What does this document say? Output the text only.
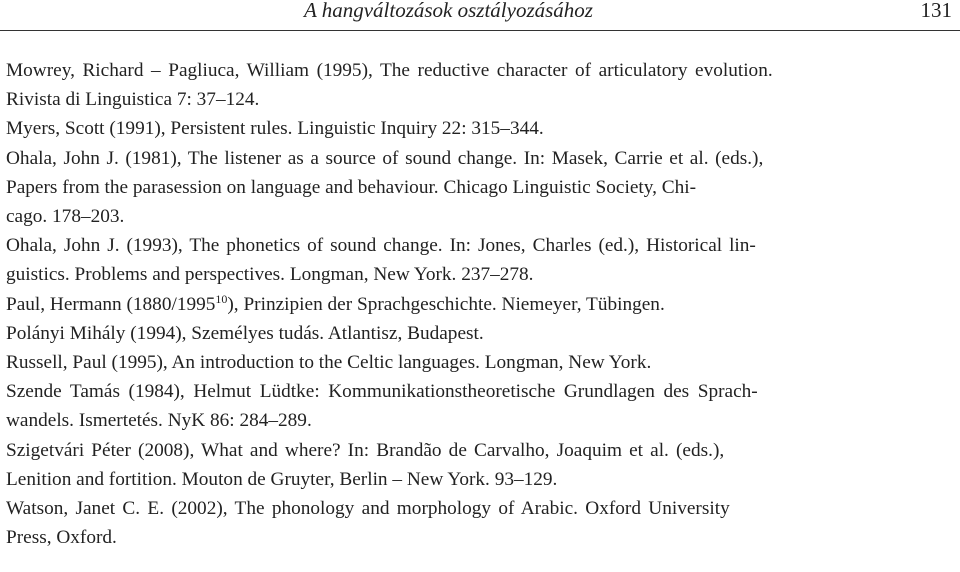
A hangváltozások osztályozásához	131
Mowrey, Richard – Pagliuca, William (1995), The reductive character of articulatory evolution.
Rivista di Linguistica 7: 37–124.
Myers, Scott (1991), Persistent rules. Linguistic Inquiry 22: 315–344.
Ohala, John J. (1981), The listener as a source of sound change. In: Masek, Carrie et al. (eds.),
Papers from the parasession on language and behaviour. Chicago Linguistic Society, Chi-
cago. 178–203.
Ohala, John J. (1993), The phonetics of sound change. In: Jones, Charles (ed.), Historical lin-
guistics. Problems and perspectives. Longman, New York. 237–278.
Paul, Hermann (1880/1995$^{10}$), Prinzipien der Sprachgeschichte. Niemeyer, Tübingen.
Polányi Mihály (1994), Személyes tudás. Atlantisz, Budapest.
Russell, Paul (1995), An introduction to the Celtic languages. Longman, New York.
Szende Tamás (1984), Helmut Lüdtke: Kommunikationstheoretische Grundlagen des Sprach-
wandels. Ismertetés. NyK 86: 284–289.
Szigetvári Péter (2008), What and where? In: Brandão de Carvalho, Joaquim et al. (eds.),
Lenition and fortition. Mouton de Gruyter, Berlin – New York. 93–129.
Watson, Janet C. E. (2002), The phonology and morphology of Arabic. Oxford University
Press, Oxford.
